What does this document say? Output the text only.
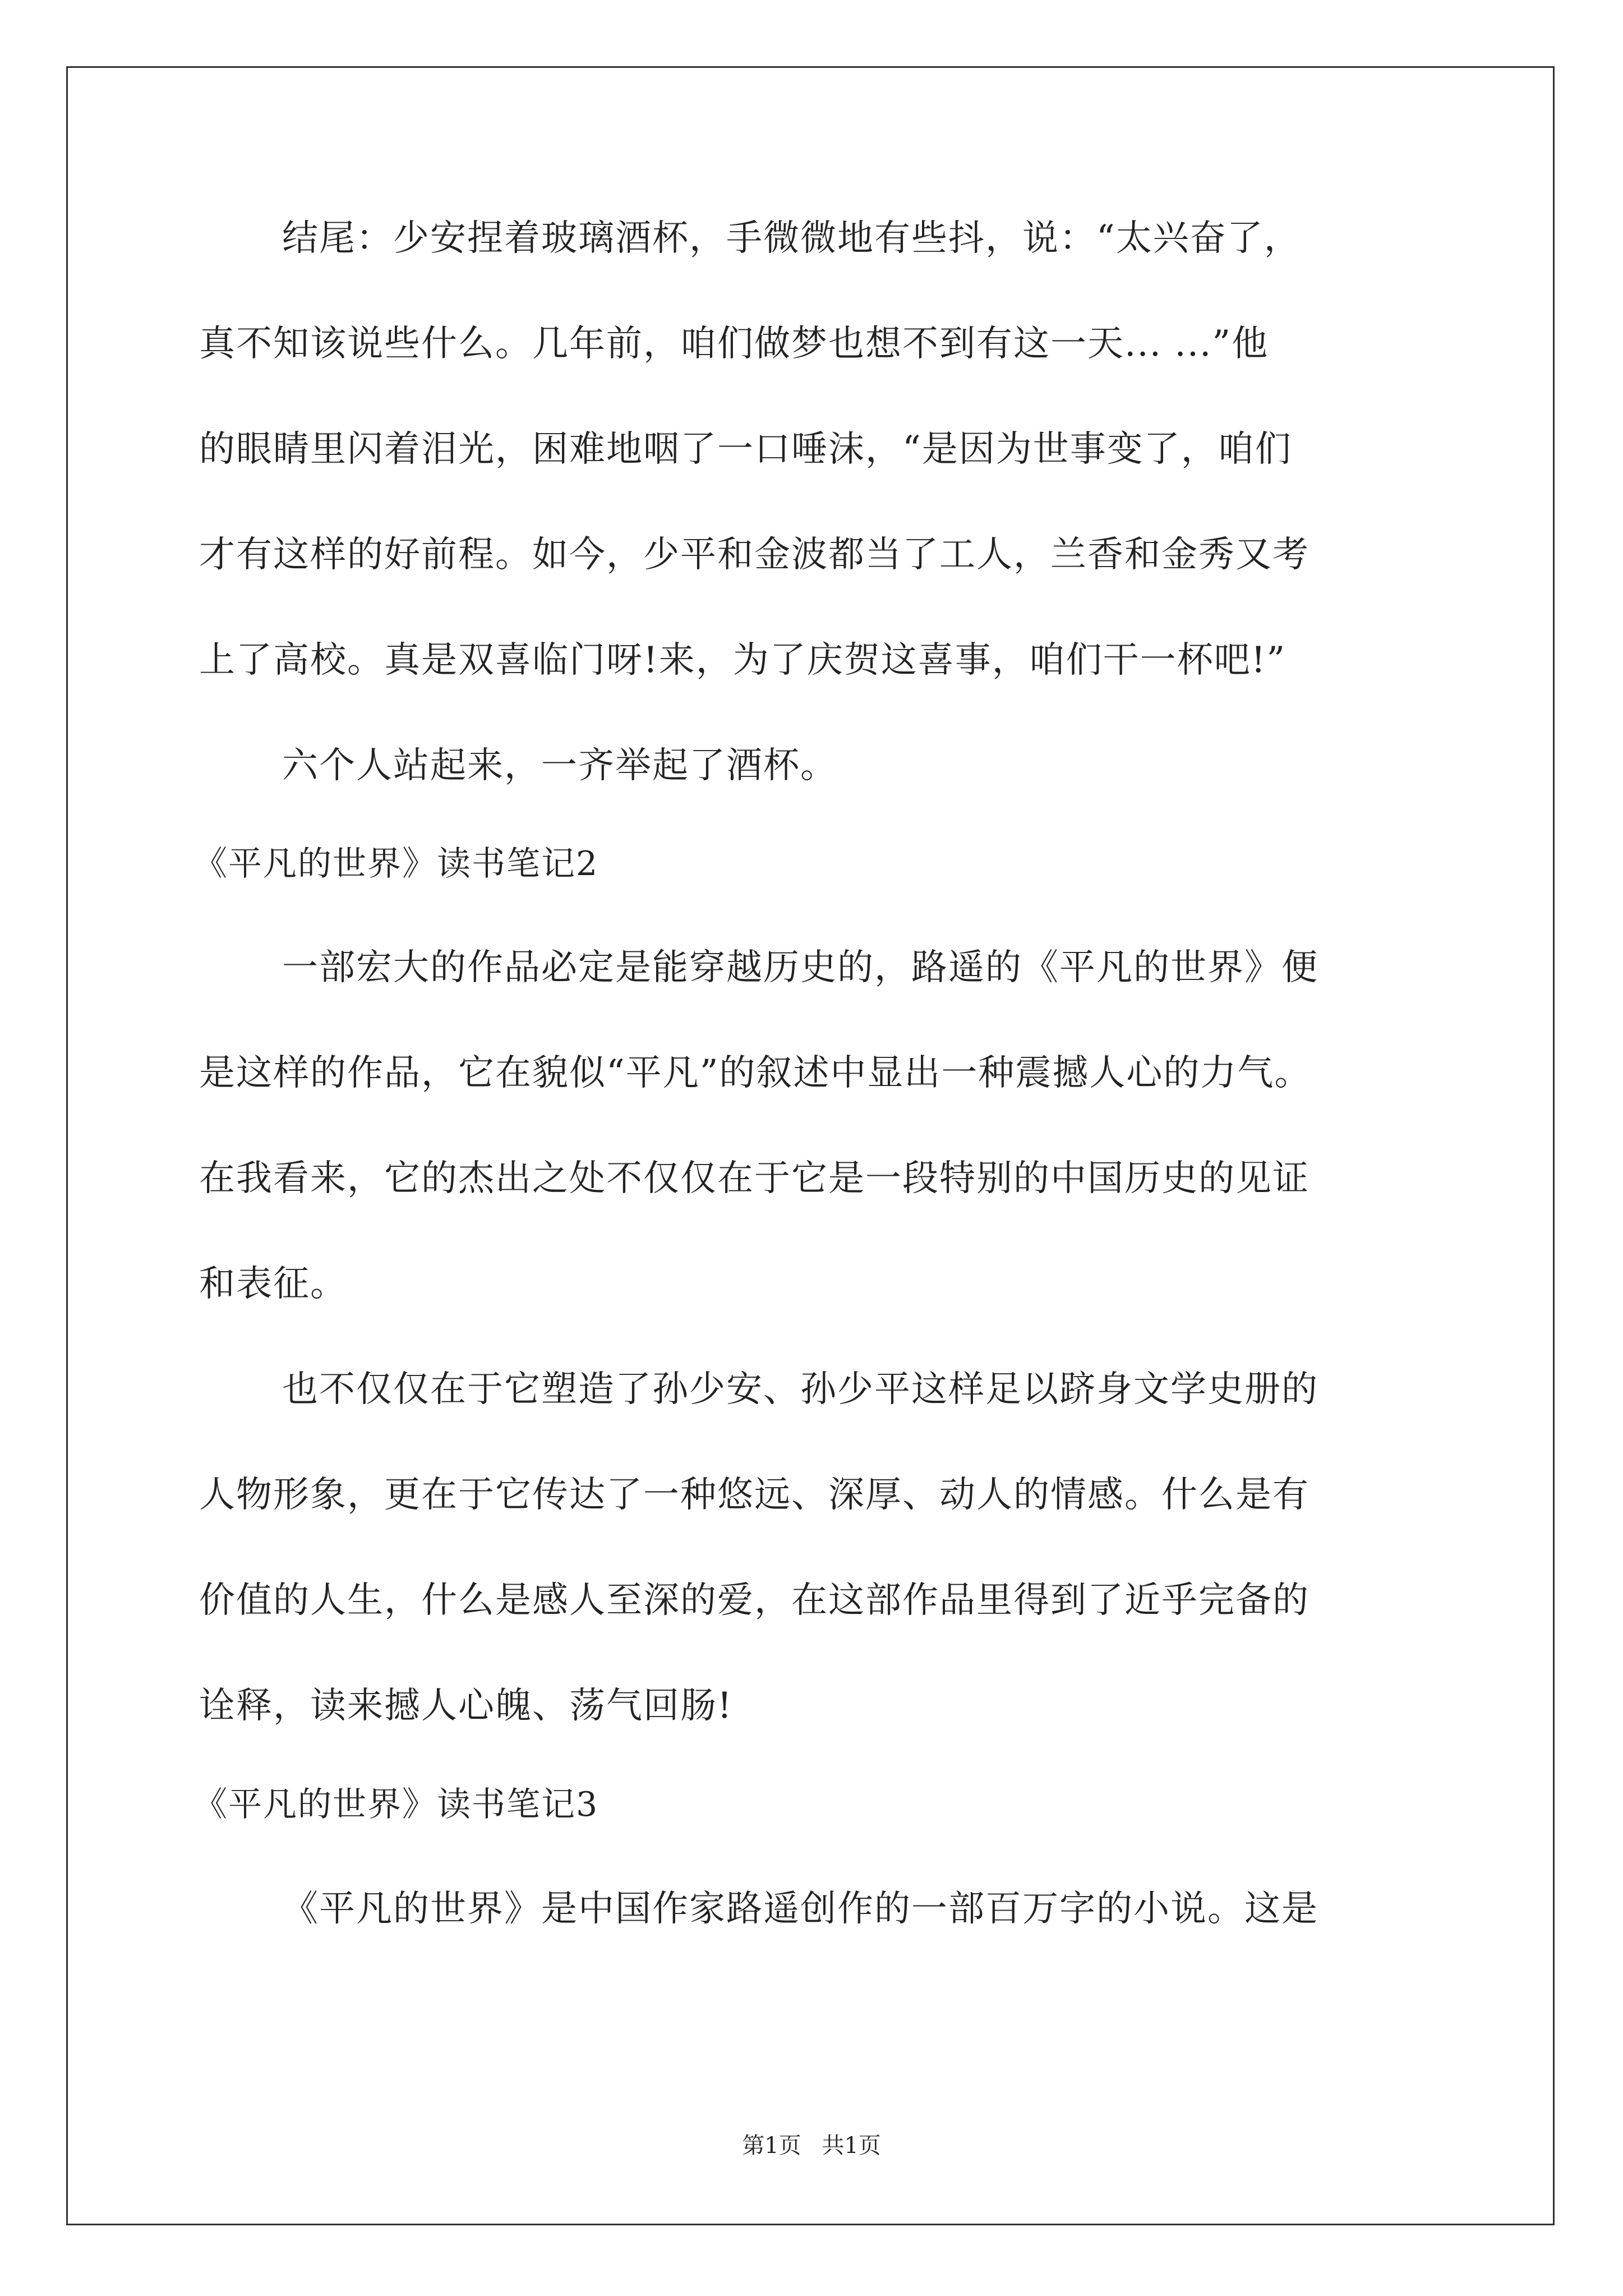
结尾：少安捏着玻璃酒杯，手微微地有些抖，说：“太兴奋了，
真不知该说些什么。几年前，咱们做梦也想不到有这一天... ...”他
的眼睛里闪着泪光，困难地咽了一口唾沫，“是因为世事变了，咱们
才有这样的好前程。如今，少平和金波都当了工人，兰香和金秀又考
上了高校。真是双喜临门呀!来，为了庆贺这喜事，咱们干一杯吧!”
六个人站起来，一齐举起了酒杯。
《平凡的世界》读书笔记2
一部宏大的作品必定是能穿越历史的，路遥的《平凡的世界》便
是这样的作品，它在貌似“平凡”的叙述中显出一种震撼人心的力气。
在我看来，它的杰出之处不仅仅在于它是一段特别的中国历史的见证
和表征。
也不仅仅在于它塑造了孙少安、孙少平这样足以跻身文学史册的
人物形象，更在于它传达了一种悠远、深厚、动人的情感。什么是有
价值的人生，什么是感人至深的爱，在这部作品里得到了近乎完备的
诠释，读来撼人心魄、荡气回肠!
《平凡的世界》读书笔记3
《平凡的世界》是中国作家路遥创作的一部百万字的小说。这是
第1页 共1页
